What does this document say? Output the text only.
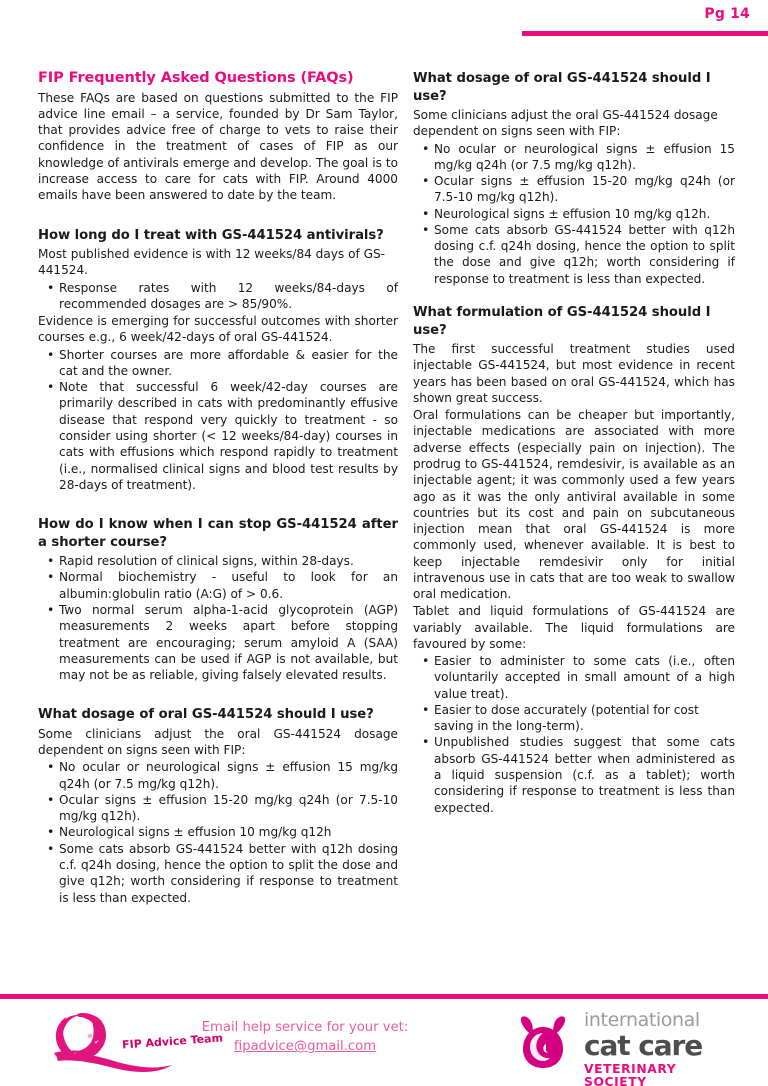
Pg 14
FIP Frequently Asked Questions (FAQs)

These FAQs are based on questions submitted to the FIP advice line email – a service, founded by Dr Sam Taylor, that provides advice free of charge to vets to raise their confidence in the treatment of cases of FIP as our knowledge of antivirals emerge and develop. The goal is to increase access to care for cats with FIP. Around 4000 emails have been answered to date by the team.

How long do I treat with GS-441524 antivirals?

Most published evidence is with 12 weeks/84 days of GS-441524.

• Response rates with 12 weeks/84-days of recommended dosages are > 85/90%.

Evidence is emerging for successful outcomes with shorter courses e.g., 6 week/42-days of oral GS-441524.

• Shorter courses are more affordable & easier for the cat and the owner.
• Note that successful 6 week/42-day courses are primarily described in cats with predominantly effusive disease that respond very quickly to treatment - so consider using shorter (< 12 weeks/84-day) courses in cats with effusions which respond rapidly to treatment (i.e., normalised clinical signs and blood test results by 28-days of treatment).
How do I know when I can stop GS-441524 after a shorter course?
• Rapid resolution of clinical signs, within 28-days.
• Normal biochemistry - useful to look for an albumin:globulin ratio (A:G) of > 0.6.
• Two normal serum alpha-1-acid glycoprotein (AGP) measurements 2 weeks apart before stopping treatment are encouraging; serum amyloid A (SAA) measurements can be used if AGP is not available, but may not be as reliable, giving falsely elevated results.
What dosage of oral GS-441524 should I use?

Some clinicians adjust the oral GS-441524 dosage dependent on signs seen with FIP:

• No ocular or neurological signs ± effusion 15 mg/kg q24h (or 7.5 mg/kg q12h).
• Ocular signs ± effusion 15-20 mg/kg q24h (or 7.5-10 mg/kg q12h).
• Neurological signs ± effusion 10 mg/kg q12h
• Some cats absorb GS-441524 better with q12h dosing c.f. q24h dosing, hence the option to split the dose and give q12h; worth considering if response to treatment is less than expected.
What dosage of oral GS-441524 should I use?

Some clinicians adjust the oral GS-441524 dosage dependent on signs seen with FIP:

• No ocular or neurological signs ± effusion 15 mg/kg q24h (or 7.5 mg/kg q12h).
• Ocular signs ± effusion 15-20 mg/kg q24h (or 7.5-10 mg/kg q12h).
• Neurological signs ± effusion 10 mg/kg q12h.
• Some cats absorb GS-441524 better with q12h dosing c.f. q24h dosing, hence the option to split the dose and give q12h; worth considering if response to treatment is less than expected.
What formulation of GS-441524 should I use?

The first successful treatment studies used injectable GS-441524, but most evidence in recent years has been based on oral GS-441524, which has shown great success.

Oral formulations can be cheaper but importantly, injectable medications are associated with more adverse effects (especially pain on injection). The prodrug to GS-441524, remdesivir, is available as an injectable agent; it was commonly used a few years ago as it was the only antiviral available in some countries but its cost and pain on subcutaneous injection mean that oral GS-441524 is more commonly used, whenever available. It is best to keep injectable remdesivir only for initial intravenous use in cats that are too weak to swallow oral medication.

Tablet and liquid formulations of GS-441524 are variably available. The liquid formulations are favoured by some:

• Easier to administer to some cats (i.e., often voluntarily accepted in small amount of a high value treat).
• Easier to dose accurately (potential for cost saving in the long-term).
• Unpublished studies suggest that some cats absorb GS-441524 better when administered as a liquid suspension (c.f. as a tablet); worth considering if response to treatment is less than expected.
FIP Advice Team
Email help service for your vet:
fipadvice@gmail.com
international
cat care
VETERINARY SOCIETY
